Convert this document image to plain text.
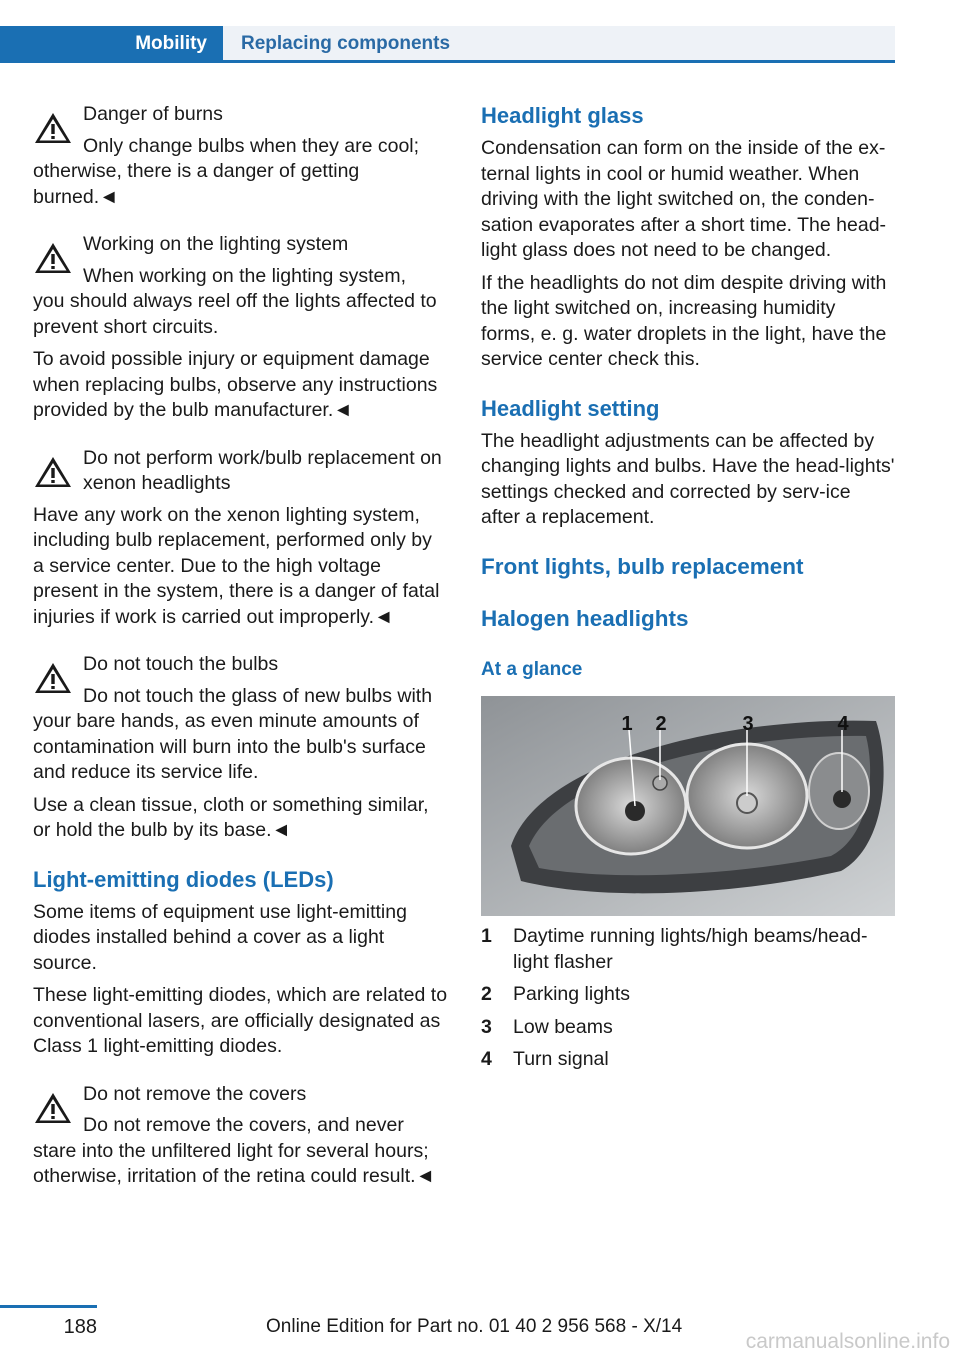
Mobility	Replacing components
Danger of burns
Only change bulbs when they are cool;
otherwise, there is a danger of getting burned.◄
Working on the lighting system
When working on the lighting system,
you should always reel off the lights affected to prevent short circuits.

To avoid possible injury or equipment damage when replacing bulbs, observe any instructions provided by the bulb manufacturer.◄

Do not perform work/bulb replacement on xenon headlights
Have any work on the xenon lighting system, including bulb replacement, performed only by a service center. Due to the high voltage present in the system, there is a danger of fatal injuries if work is carried out improperly.◄
Do not touch the bulbs
Do not touch the glass of new bulbs with
your bare hands, as even minute amounts of contamination will burn into the bulb's surface and reduce its service life.

Use a clean tissue, cloth or something similar, or hold the bulb by its base.◄

Light-emitting diodes (LEDs)

Some items of equipment use light-emitting diodes installed behind a cover as a light source.

These light-emitting diodes, which are related to conventional lasers, are officially designated as Class 1 light-emitting diodes.

Do not remove the covers
Do not remove the covers, and never
stare into the unfiltered light for several hours; otherwise, irritation of the retina could result.◄
Headlight glass

Condensation can form on the inside of the ex-ternal lights in cool or humid weather. When driving with the light switched on, the conden-sation evaporates after a short time. The head-light glass does not need to be changed.

If the headlights do not dim despite driving with the light switched on, increasing humidity forms, e. g. water droplets in the light, have the service center check this.

Headlight setting

The headlight adjustments can be affected by changing lights and bulbs. Have the head-lights' settings checked and corrected by serv-ice after a replacement.

Front lights, bulb replacement
Halogen headlights
At a glance
1 2	3	4
1	Daytime running lights/high beams/head-light flasher
2	Parking lights
3	Low beams
4	Turn signal
188	Online Edition for Part no. 01 40 2 956 568 - X/14
carmanualsonline.info
